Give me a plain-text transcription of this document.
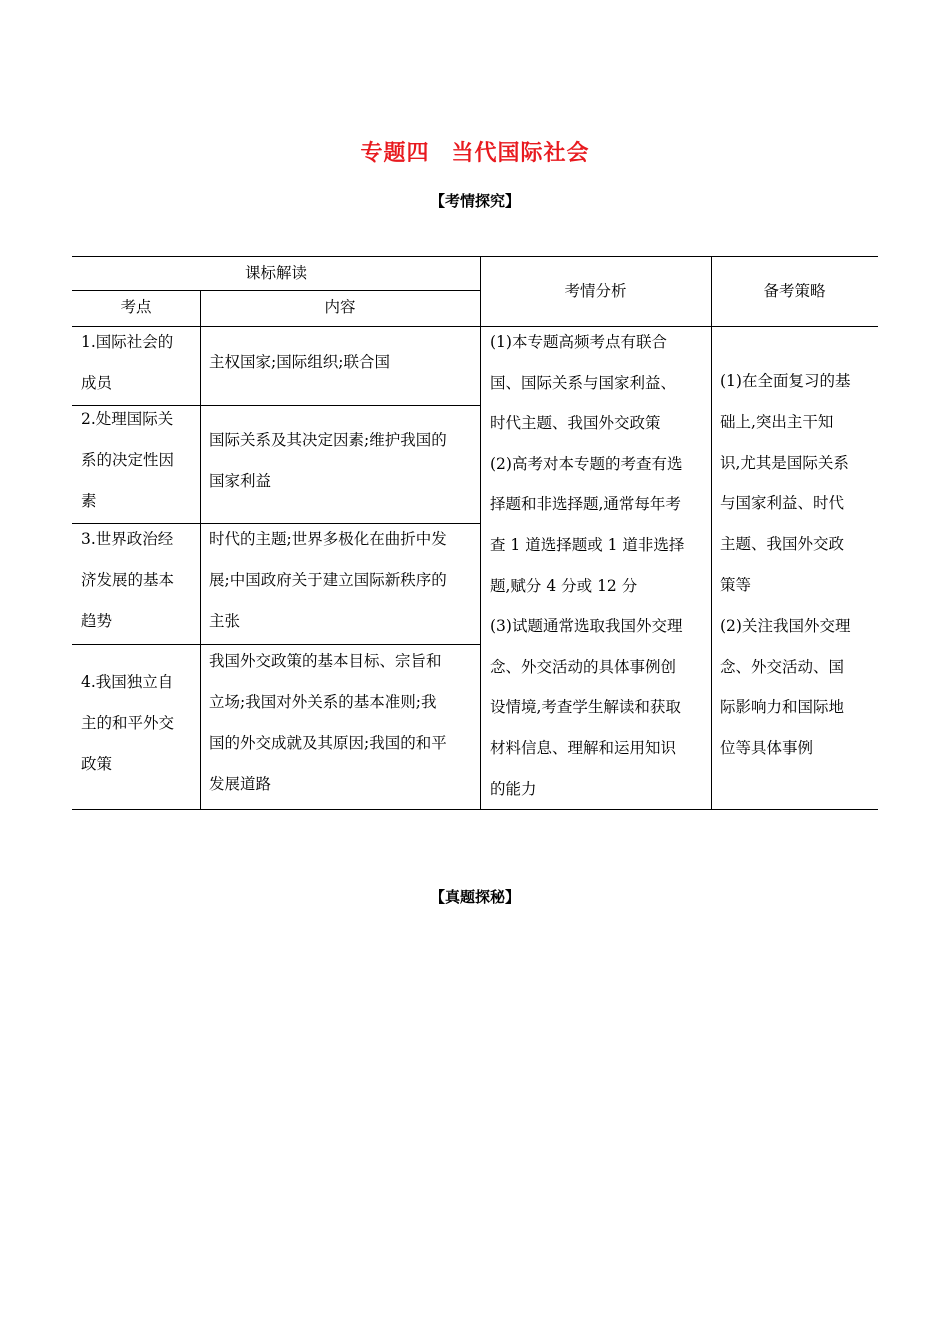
专题四 当代国际社会
【考情探究】
课标解读
考点	内容
考情分析	备考策略
1.国际社会的
成员
主权国家;国际组织;联合国
2.处理国际关
系的决定性因
素
国际关系及其决定因素;维护我国的
国家利益
3.世界政治经
济发展的基本
趋势
时代的主题;世界多极化在曲折中发
展;中国政府关于建立国际新秩序的
主张
4.我国独立自
主的和平外交
政策
我国外交政策的基本目标、宗旨和
立场;我国对外关系的基本准则;我
国的外交成就及其原因;我国的和平
发展道路
(1)本专题高频考点有联合
国、国际关系与国家利益、
时代主题、我国外交政策
(2)高考对本专题的考查有选
择题和非选择题,通常每年考
查 1 道选择题或 1 道非选择
题,赋分 4 分或 12 分
(3)试题通常选取我国外交理
念、外交活动的具体事例创
设情境,考查学生解读和获取
材料信息、理解和运用知识
的能力
(1)在全面复习的基
础上,突出主干知
识,尤其是国际关系
与国家利益、时代
主题、我国外交政
策等
(2)关注我国外交理
念、外交活动、国
际影响力和国际地
位等具体事例
【真题探秘】
